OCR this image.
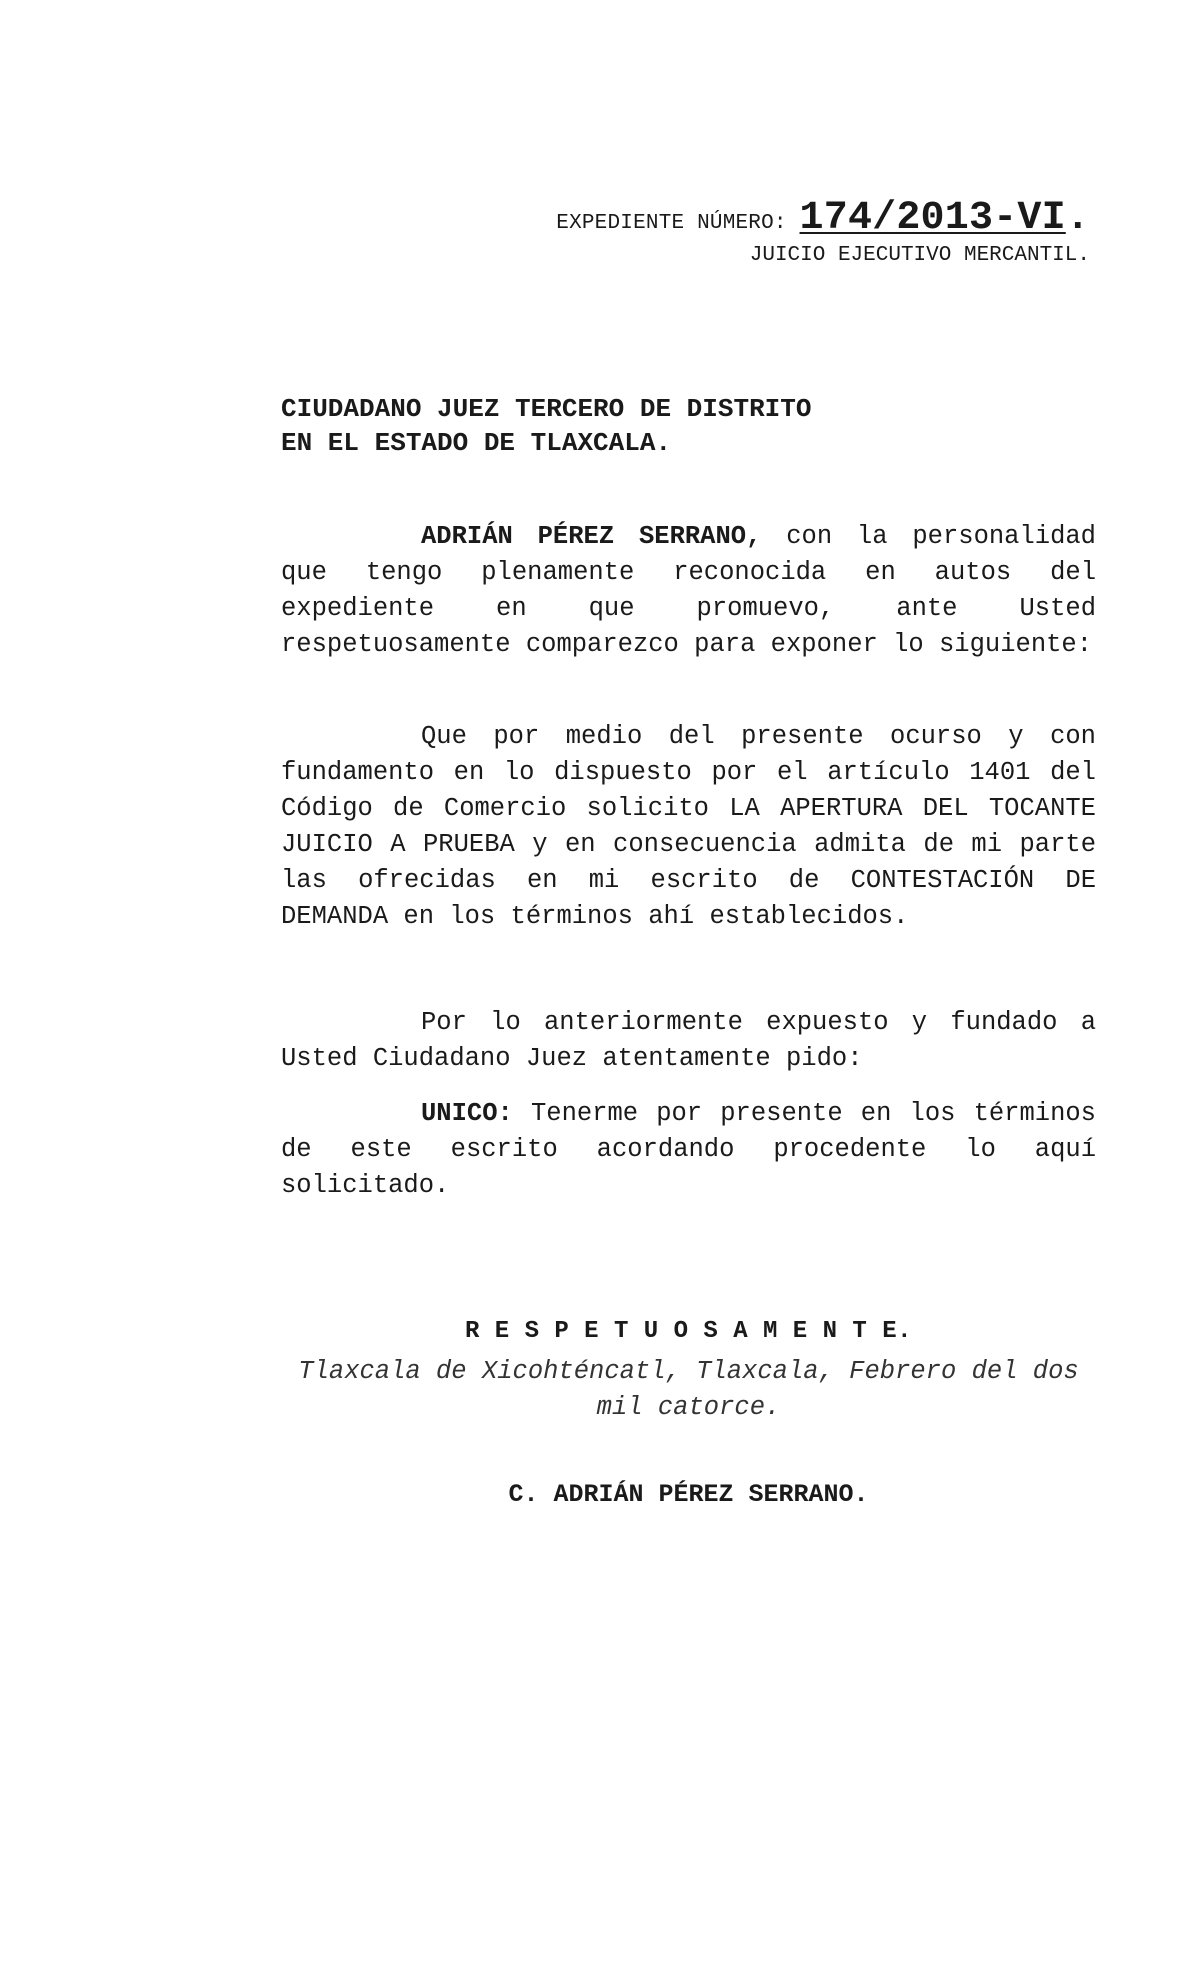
EXPEDIENTE NÚMERO: 174/2013-VI.
JUICIO EJECUTIVO MERCANTIL.
CIUDADANO JUEZ TERCERO DE DISTRITO
EN EL ESTADO DE TLAXCALA.
ADRIÁN PÉREZ SERRANO, con la personalidad que tengo plenamente reconocida en autos del expediente en que promuevo, ante Usted respetuosamente comparezco para exponer lo siguiente:
Que por medio del presente ocurso y con fundamento en lo dispuesto por el artículo 1401 del Código de Comercio solicito LA APERTURA DEL TOCANTE JUICIO A PRUEBA y en consecuencia admita de mi parte las ofrecidas en mi escrito de CONTESTACIÓN DE DEMANDA en los términos ahí establecidos.
Por lo anteriormente expuesto y fundado a Usted Ciudadano Juez atentamente pido:
UNICO: Tenerme por presente en los términos de este escrito acordando procedente lo aquí solicitado.
R E S P E T U O S A M E N T E.
Tlaxcala de Xicohténcatl, Tlaxcala, Febrero del dos mil catorce.
C. ADRIÁN PÉREZ SERRANO.
